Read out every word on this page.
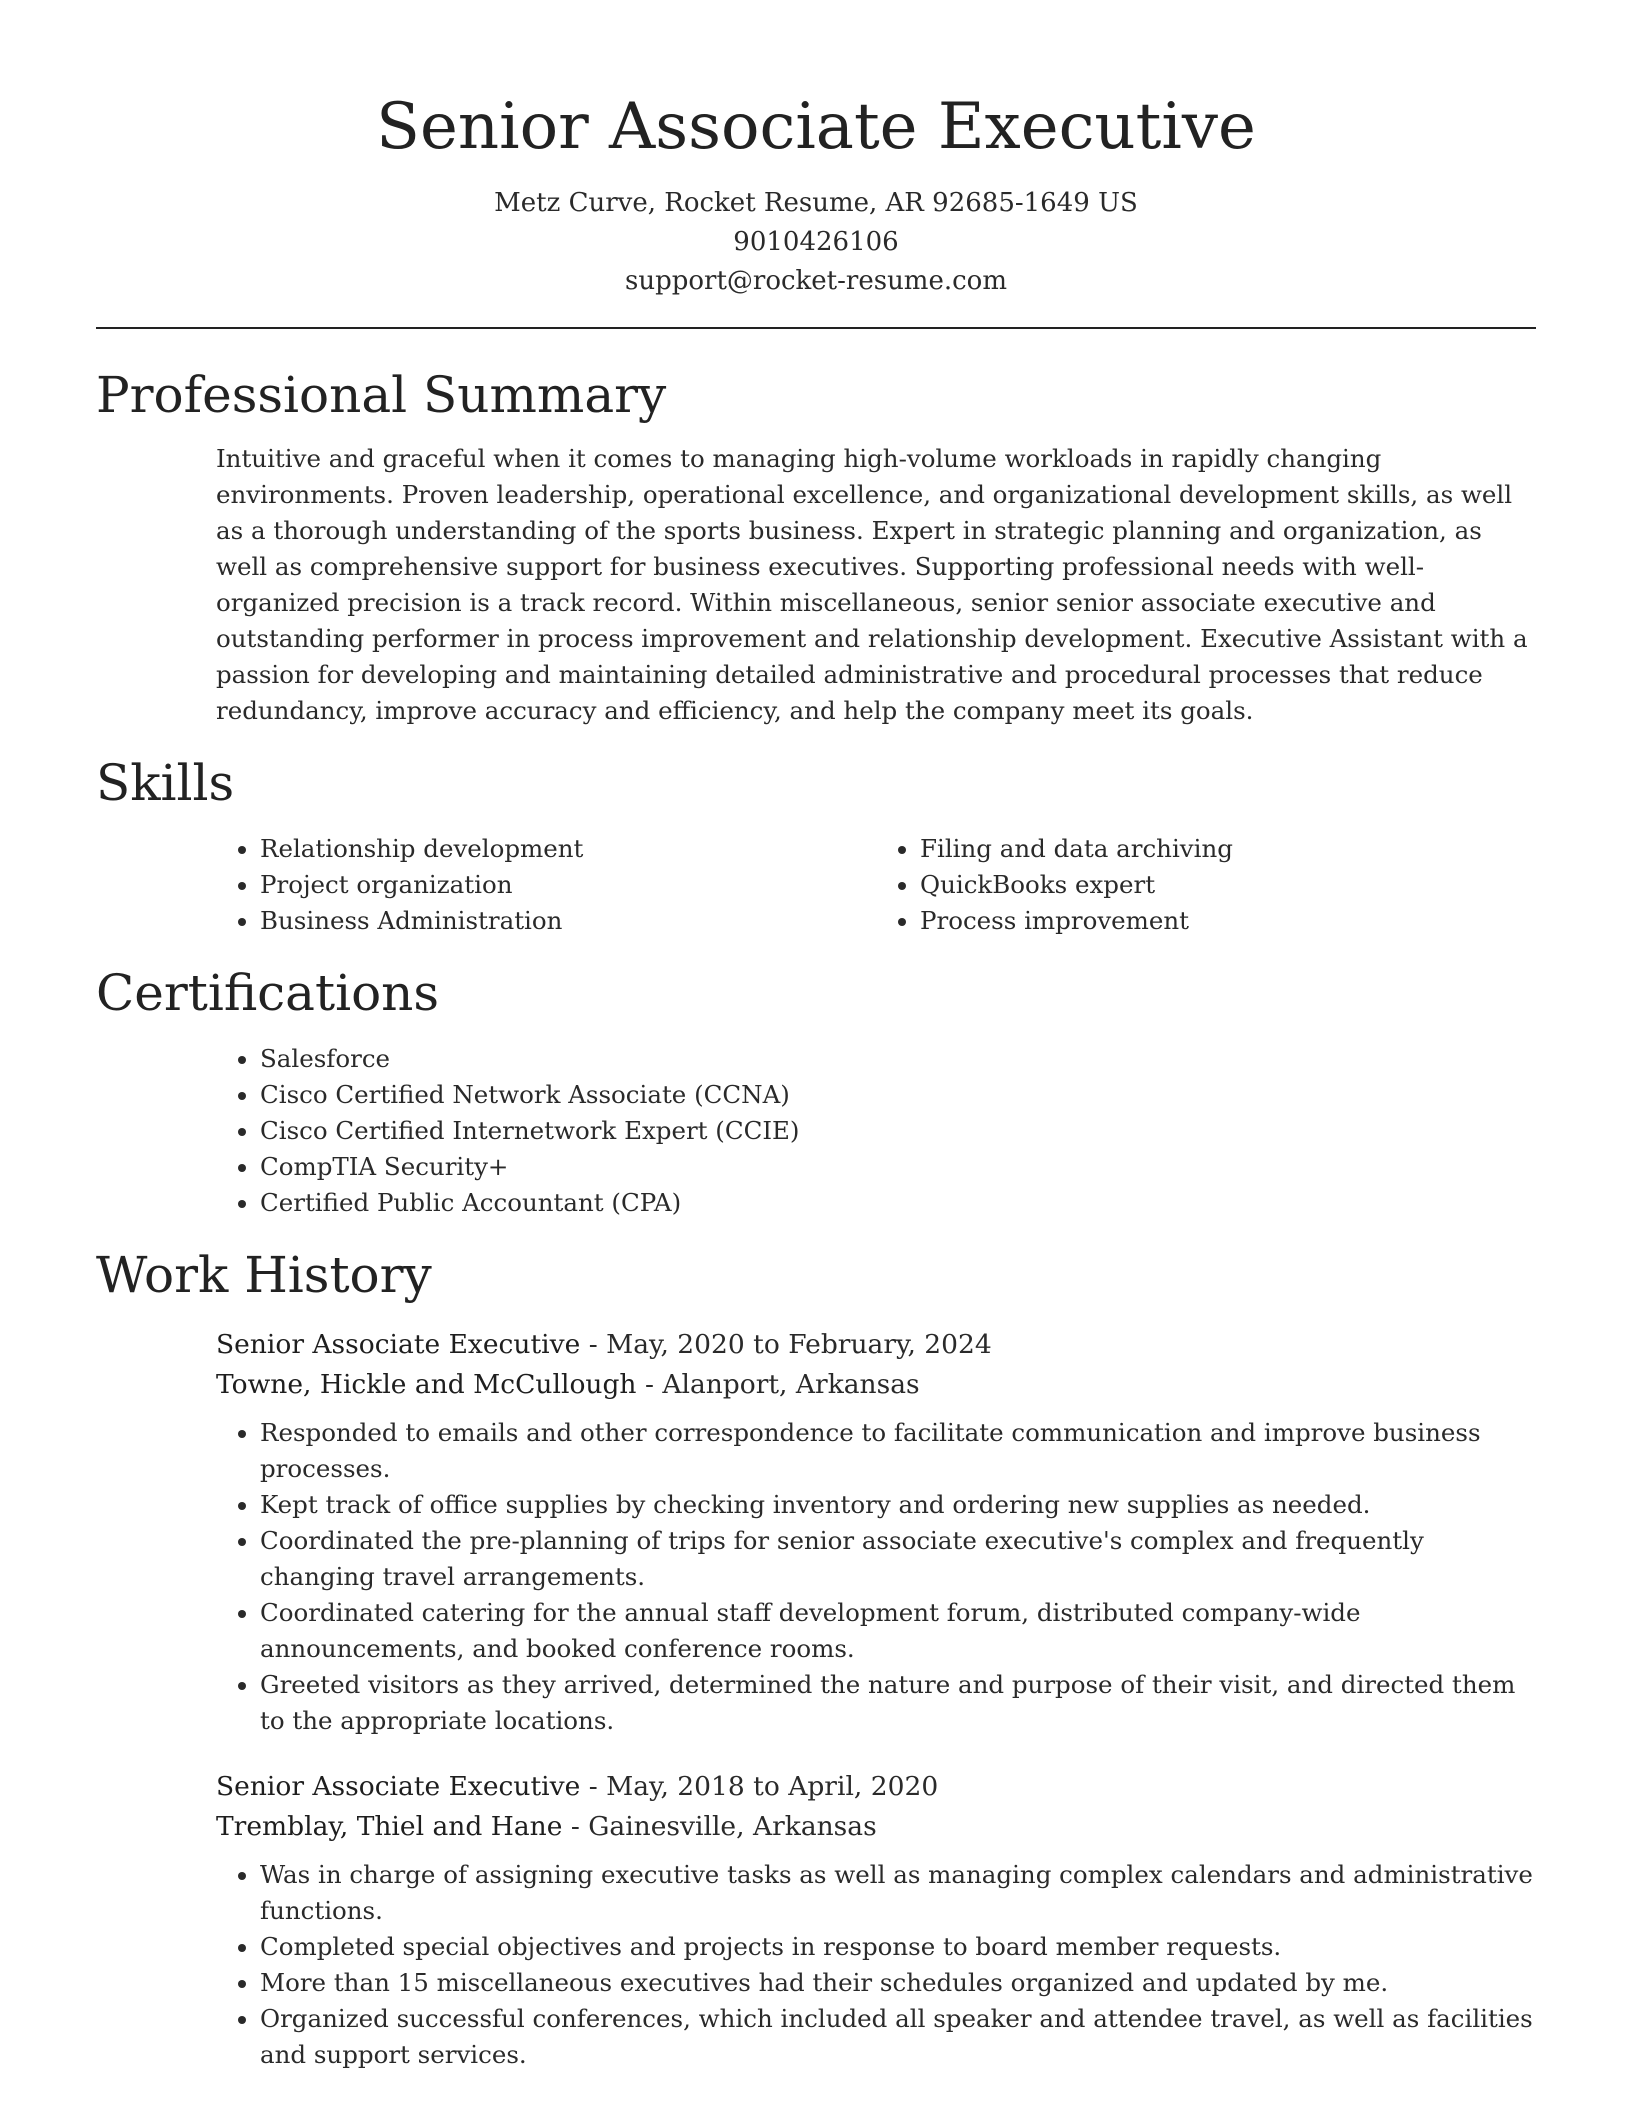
Senior Associate Executive
Metz Curve, Rocket Resume, AR 92685-1649 US
9010426106
support@rocket-resume.com
Professional Summary

Intuitive and graceful when it comes to managing high-volume workloads in rapidly changing environments. Proven leadership, operational excellence, and organizational development skills, as well as a thorough understanding of the sports business. Expert in strategic planning and organization, as well as comprehensive support for business executives. Supporting professional needs with well-organized precision is a track record. Within miscellaneous, senior senior associate executive and outstanding performer in process improvement and relationship development. Executive Assistant with a passion for developing and maintaining detailed administrative and procedural processes that reduce redundancy, improve accuracy and efficiency, and help the company meet its goals.

Skills
• Relationship development
• Project organization
• Business Administration
• Filing and data archiving
• QuickBooks expert
• Process improvement
Certifications
• Salesforce
• Cisco Certified Network Associate (CCNA)
• Cisco Certified Internetwork Expert (CCIE)
• CompTIA Security+
• Certified Public Accountant (CPA)
Work History
Senior Associate Executive - May, 2020 to February, 2024
Towne, Hickle and McCullough - Alanport, Arkansas
• Responded to emails and other correspondence to facilitate communication and improve business processes.
• Kept track of office supplies by checking inventory and ordering new supplies as needed.
• Coordinated the pre-planning of trips for senior associate executive's complex and frequently changing travel arrangements.
• Coordinated catering for the annual staff development forum, distributed company-wide announcements, and booked conference rooms.
• Greeted visitors as they arrived, determined the nature and purpose of their visit, and directed them to the appropriate locations.
Senior Associate Executive - May, 2018 to April, 2020
Tremblay, Thiel and Hane - Gainesville, Arkansas
• Was in charge of assigning executive tasks as well as managing complex calendars and administrative functions.
• Completed special objectives and projects in response to board member requests.
• More than 15 miscellaneous executives had their schedules organized and updated by me.
• Organized successful conferences, which included all speaker and attendee travel, as well as facilities and support services.
